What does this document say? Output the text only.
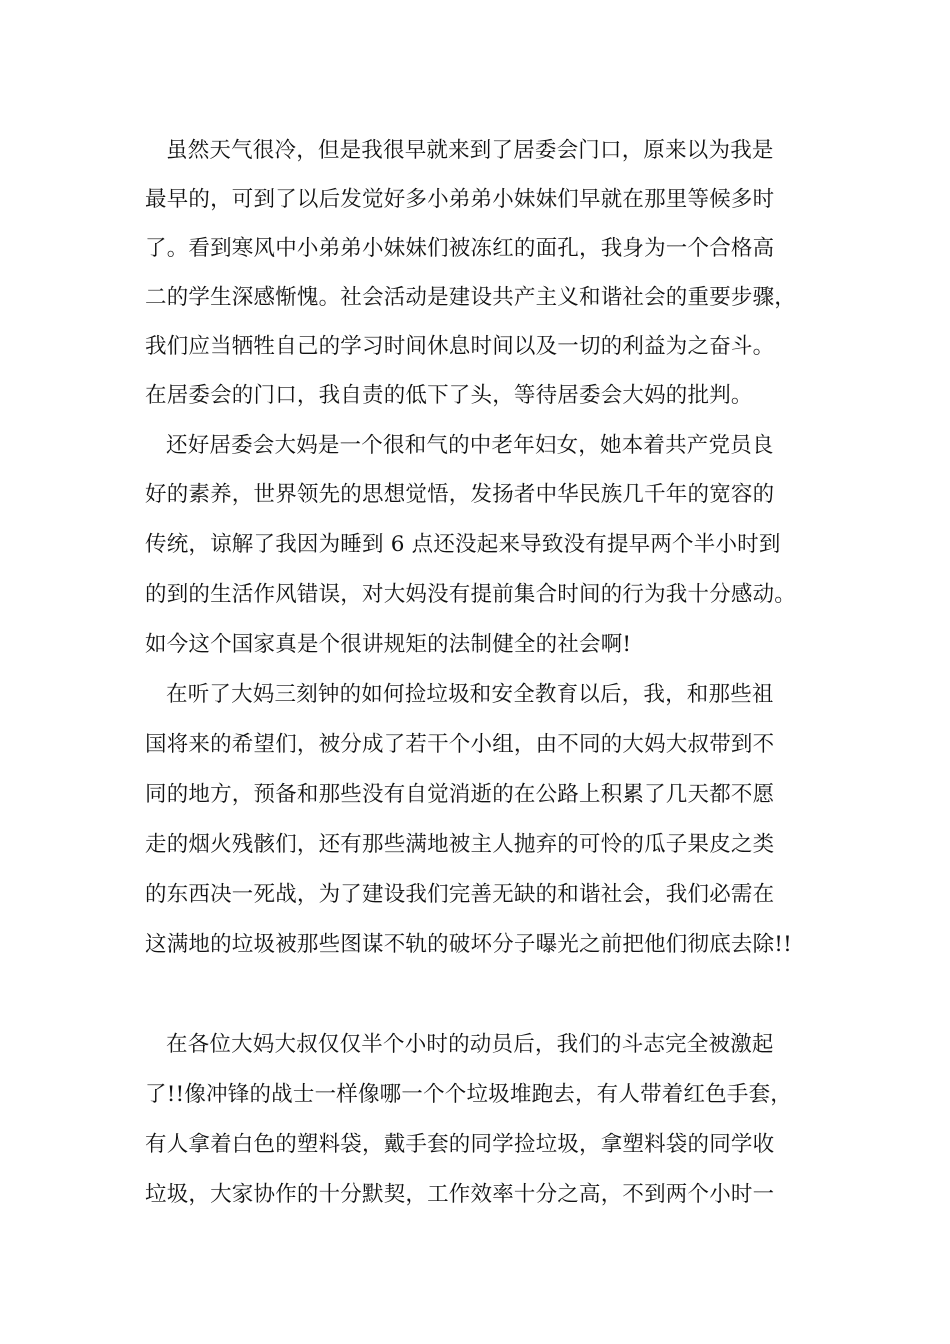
虽然天气很冷，但是我很早就来到了居委会门口，原来以为我是
最早的，可到了以后发觉好多小弟弟小妹妹们早就在那里等候多时
了。看到寒风中小弟弟小妹妹们被冻红的面孔，我身为一个合格高
二的学生深感惭愧。社会活动是建设共产主义和谐社会的重要步骤，
我们应当牺牲自己的学习时间休息时间以及一切的利益为之奋斗。
在居委会的门口，我自责的低下了头，等待居委会大妈的批判。
还好居委会大妈是一个很和气的中老年妇女，她本着共产党员良
好的素养，世界领先的思想觉悟，发扬者中华民族几千年的宽容的
传统，谅解了我因为睡到 6 点还没起来导致没有提早两个半小时到
的到的生活作风错误，对大妈没有提前集合时间的行为我十分感动。
如今这个国家真是个很讲规矩的法制健全的社会啊!
在听了大妈三刻钟的如何捡垃圾和安全教育以后，我，和那些祖
国将来的希望们，被分成了若干个小组，由不同的大妈大叔带到不
同的地方，预备和那些没有自觉消逝的在公路上积累了几天都不愿
走的烟火残骸们，还有那些满地被主人抛弃的可怜的瓜子果皮之类
的东西决一死战，为了建设我们完善无缺的和谐社会，我们必需在
这满地的垃圾被那些图谋不轨的破坏分子曝光之前把他们彻底去除!!
在各位大妈大叔仅仅半个小时的动员后，我们的斗志完全被激起
了!!像冲锋的战士一样像哪一个个垃圾堆跑去，有人带着红色手套，
有人拿着白色的塑料袋，戴手套的同学捡垃圾，拿塑料袋的同学收
垃圾，大家协作的十分默契，工作效率十分之高，不到两个小时一
